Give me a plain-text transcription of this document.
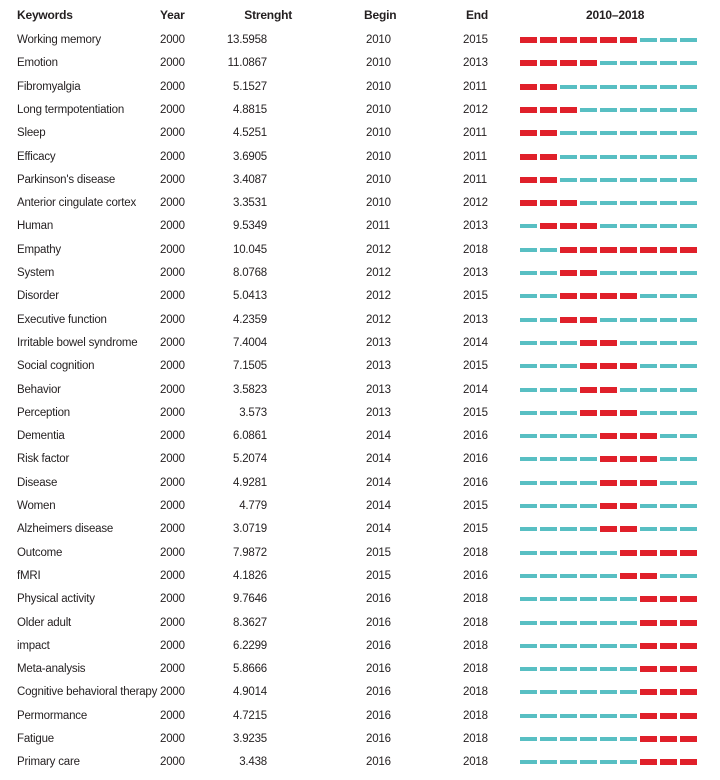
Keywords	Year	Strenght	Begin	End	2010–2018
Working memory	2000	13.5958	2010	2015
Emotion	2000	11.0867	2010	2013
Fibromyalgia	2000	5.1527	2010	2011
Long termpotentiation	2000	4.8815	2010	2012
Sleep	2000	4.5251	2010	2011
Efficacy	2000	3.6905	2010	2011
Parkinson's disease	2000	3.4087	2010	2011
Anterior cingulate cortex 2000	3.3531	2010	2012
Human	2000	9.5349	2011	2013
Empathy	2000	10.045	2012	2018
System	2000	8.0768	2012	2013
Disorder	2000	5.0413	2012	2015
Executive function	2000	4.2359	2012	2013
Irritable bowel syndrome 2000	7.4004	2013	2014
Social cognition	2000	7.1505	2013	2015
Behavior	2000	3.5823	2013	2014
Perception	2000	3.573	2013	2015
Dementia	2000	6.0861	2014	2016
Risk factor	2000	5.2074	2014	2016
Disease	2000	4.9281	2014	2016
Women	2000	4.779	2014	2015
Alzheimers disease	2000	3.0719	2014	2015
Outcome	2000	7.9872	2015	2018
fMRI	2000	4.1826	2015	2016
Physical activity	2000	9.7646	2016	2018
Older adult	2000	8.3627	2016	2018
impact	2000	6.2299	2016	2018
Meta-analysis	2000	5.8666	2016	2018
Cognitive behavioral therapy 2000	4.9014	2016	2018
Permormance	2000	4.7215	2016	2018
Fatigue	2000	3.9235	2016	2018
Primary care	2000	3.438	2016	2018
